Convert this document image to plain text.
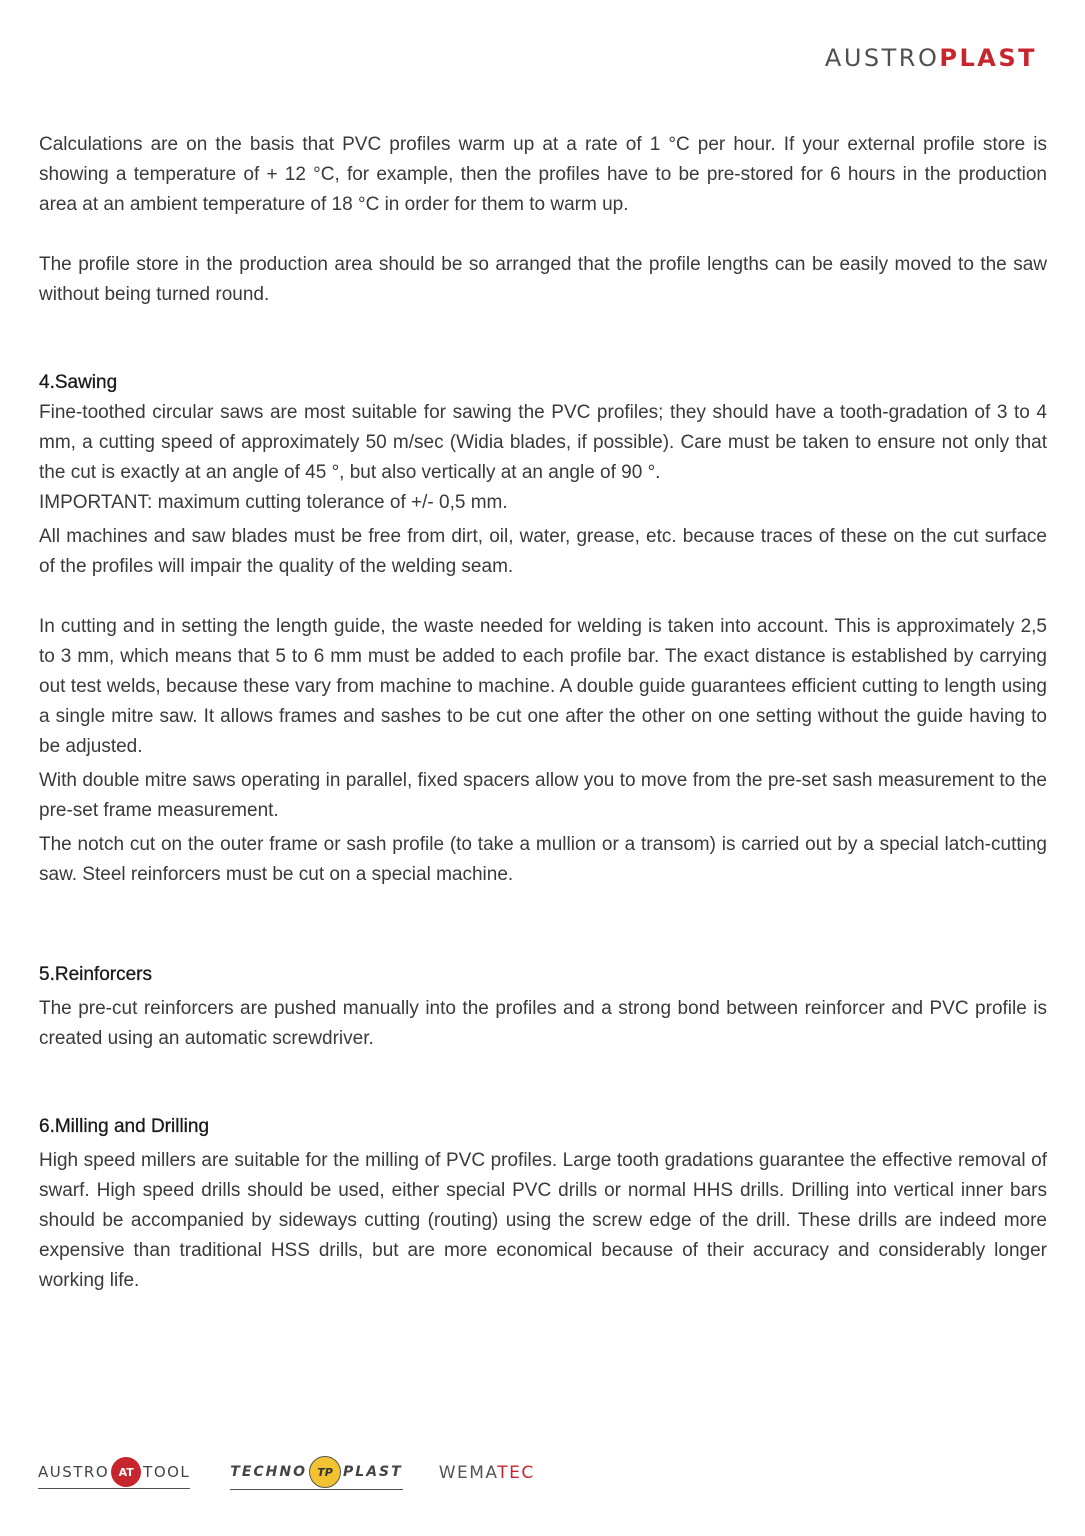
AUSTROPLAST

Calculations are on the basis that PVC profiles warm up at a rate of 1 °C per hour. If your external profile store is showing a temperature of + 12 °C, for example, then the profiles have to be pre-stored for 6 hours in the production area at an ambient temperature of 18 °C in order for them to warm up.

The profile store in the production area should be so arranged that the profile lengths can be easily moved to the saw without being turned round.

4.Sawing

Fine-toothed circular saws are most suitable for sawing the PVC profiles; they should have a tooth-gradation of 3 to 4 mm, a cutting speed of approximately 50 m/sec (Widia blades, if possible). Care must be taken to ensure not only that the cut is exactly at an angle of 45 °, but also vertically at an angle of 90 °.

IMPORTANT: maximum cutting tolerance of +/- 0,5 mm.

All machines and saw blades must be free from dirt, oil, water, grease, etc. because traces of these on the cut surface of the profiles will impair the quality of the welding seam.

In cutting and in setting the length guide, the waste needed for welding is taken into account. This is approximately 2,5 to 3 mm, which means that 5 to 6 mm must be added to each profile bar. The exact distance is established by carrying out test welds, because these vary from machine to machine. A double guide guarantees efficient cutting to length using a single mitre saw. It allows frames and sashes to be cut one after the other on one setting without the guide having to be adjusted.

With double mitre saws operating in parallel, fixed spacers allow you to move from the pre-set sash measurement to the pre-set frame measurement.

The notch cut on the outer frame or sash profile (to take a mullion or a transom) is carried out by a special latch-cutting saw. Steel reinforcers must be cut on a special machine.

5.Reinforcers

The pre-cut reinforcers are pushed manually into the profiles and a strong bond between reinforcer and PVC profile is created using an automatic screwdriver.

6.Milling and Drilling

High speed millers are suitable for the milling of PVC profiles. Large tooth gradations guarantee the effective removal of swarf. High speed drills should be used, either special PVC drills or normal HHS drills. Drilling into vertical inner bars should be accompanied by sideways cutting (routing) using the screw edge of the drill. These drills are indeed more expensive than traditional HSS drills, but are more economical because of their accuracy and considerably longer working life.

AUSTRO AT TOOL	TECHNO TP PLAST WEMATEC
